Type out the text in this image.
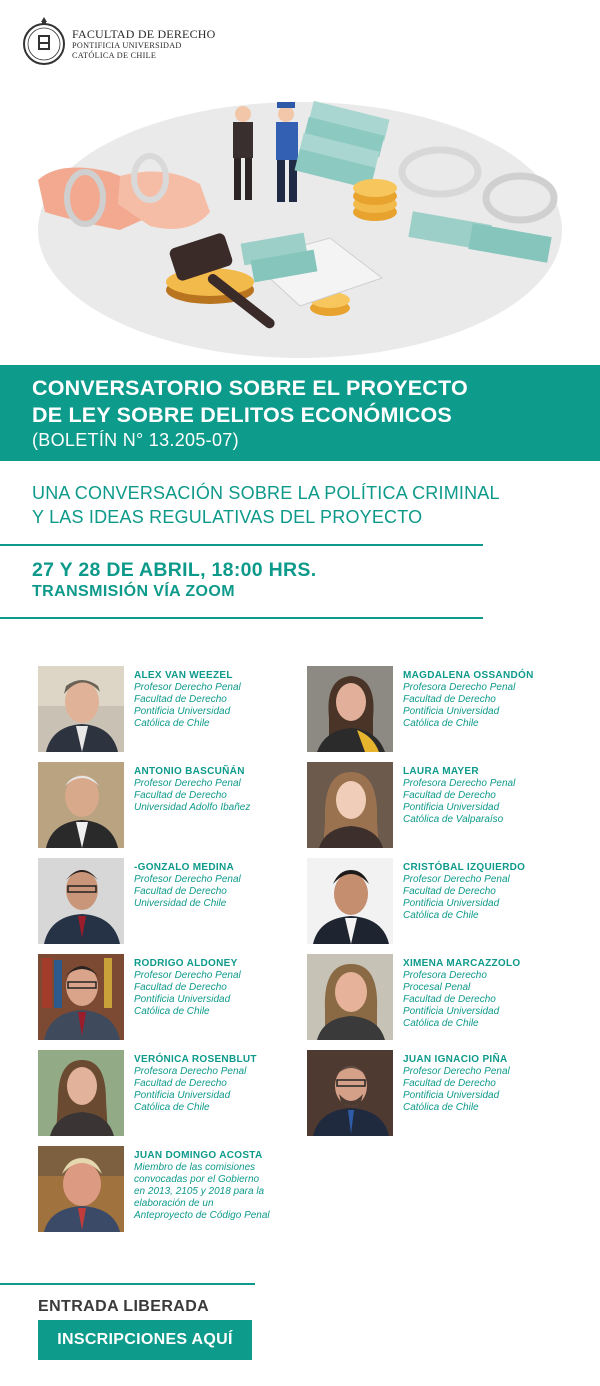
FACULTAD DE DERECHO
PONTIFICIA UNIVERSIDAD
CATÓLICA DE CHILE
CONVERSATORIO SOBRE EL PROYECTO
DE LEY SOBRE DELITOS ECONÓMICOS
(BOLETÍN N° 13.205-07)
UNA CONVERSACIÓN SOBRE LA POLÍTICA CRIMINAL
Y LAS IDEAS REGULATIVAS DEL PROYECTO
27 Y 28 DE ABRIL, 18:00 HRS.
TRANSMISIÓN VÍA ZOOM
ALEX VAN WEEZEL
Profesor Derecho Penal
Facultad de Derecho
Pontificia Universidad
Católica de Chile
ANTONIO BASCUÑÁN
Profesor Derecho Penal
Facultad de Derecho
Universidad Adolfo Ibañez
-GONZALO MEDINA
Profesor Derecho Penal
Facultad de Derecho
Universidad de Chile
RODRIGO ALDONEY
Profesor Derecho Penal
Facultad de Derecho
Pontificia Universidad
Católica de Chile
VERÓNICA ROSENBLUT
Profesora Derecho Penal
Facultad de Derecho
Pontificia Universidad
Católica de Chile
JUAN DOMINGO ACOSTA
Miembro de las comisiones
convocadas por el Gobierno
en 2013, 2105 y 2018 para la
elaboración de un
Anteproyecto de Código Penal
MAGDALENA OSSANDÓN
Profesora Derecho Penal
Facultad de Derecho
Pontificia Universidad
Católica de Chile
LAURA MAYER
Profesora Derecho Penal
Facultad de Derecho
Pontificia Universidad
Católica de Valparaíso
CRISTÓBAL IZQUIERDO
Profesor Derecho Penal
Facultad de Derecho
Pontificia Universidad
Católica de Chile
XIMENA MARCAZZOLO
Profesora Derecho
Procesal Penal
Facultad de Derecho
Pontificia Universidad
Católica de Chile
JUAN IGNACIO PIÑA
Profesor Derecho Penal
Facultad de Derecho
Pontificia Universidad
Católica de Chile
ENTRADA LIBERADA
INSCRIPCIONES AQUÍ
